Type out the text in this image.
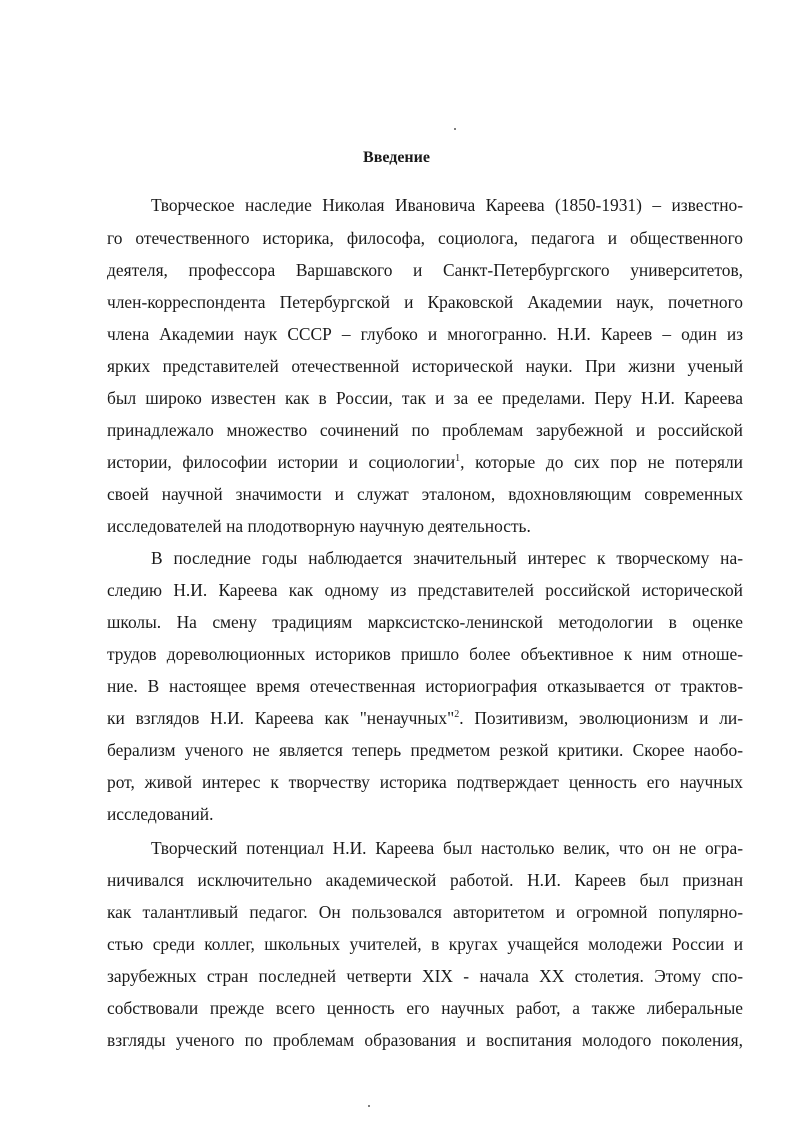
Введение
Творческое наследие Николая Ивановича Кареева (1850-1931) – известно-
го отечественного историка, философа, социолога, педагога и общественного
деятеля, профессора Варшавского и Санкт-Петербургского университетов,
член-корреспондента Петербургской и Краковской Академии наук, почетного
члена Академии наук СССР – глубоко и многогранно. Н.И. Кареев – один из
ярких представителей отечественной исторической науки. При жизни ученый
был широко известен как в России, так и за ее пределами. Перу Н.И. Кареева
принадлежало множество сочинений по проблемам зарубежной и российской
истории, философии истории и социологии$^1$, которые до сих пор не потеряли
своей научной значимости и служат эталоном, вдохновляющим современных
исследователей на плодотворную научную деятельность.
В последние годы наблюдается значительный интерес к творческому на-
следию Н.И. Кареева как одному из представителей российской исторической
школы. На смену традициям марксистско-ленинской методологии в оценке
трудов дореволюционных историков пришло более объективное к ним отноше-
ние. В настоящее время отечественная историография отказывается от трактов-
ки взглядов Н.И. Кареева как "ненаучных"$^2$. Позитивизм, эволюционизм и ли-
берализм ученого не является теперь предметом резкой критики. Скорее наобо-
рот, живой интерес к творчеству историка подтверждает ценность его научных
исследований.
Творческий потенциал Н.И. Кареева был настолько велик, что он не огра-
ничивался исключительно академической работой. Н.И. Кареев был признан
как талантливый педагог. Он пользовался авторитетом и огромной популярно-
стью среди коллег, школьных учителей, в кругах учащейся молодежи России и
зарубежных стран последней четверти XIX - начала XX столетия. Этому спо-
собствовали прежде всего ценность его научных работ, а также либеральные
взгляды ученого по проблемам образования и воспитания молодого поколения,
